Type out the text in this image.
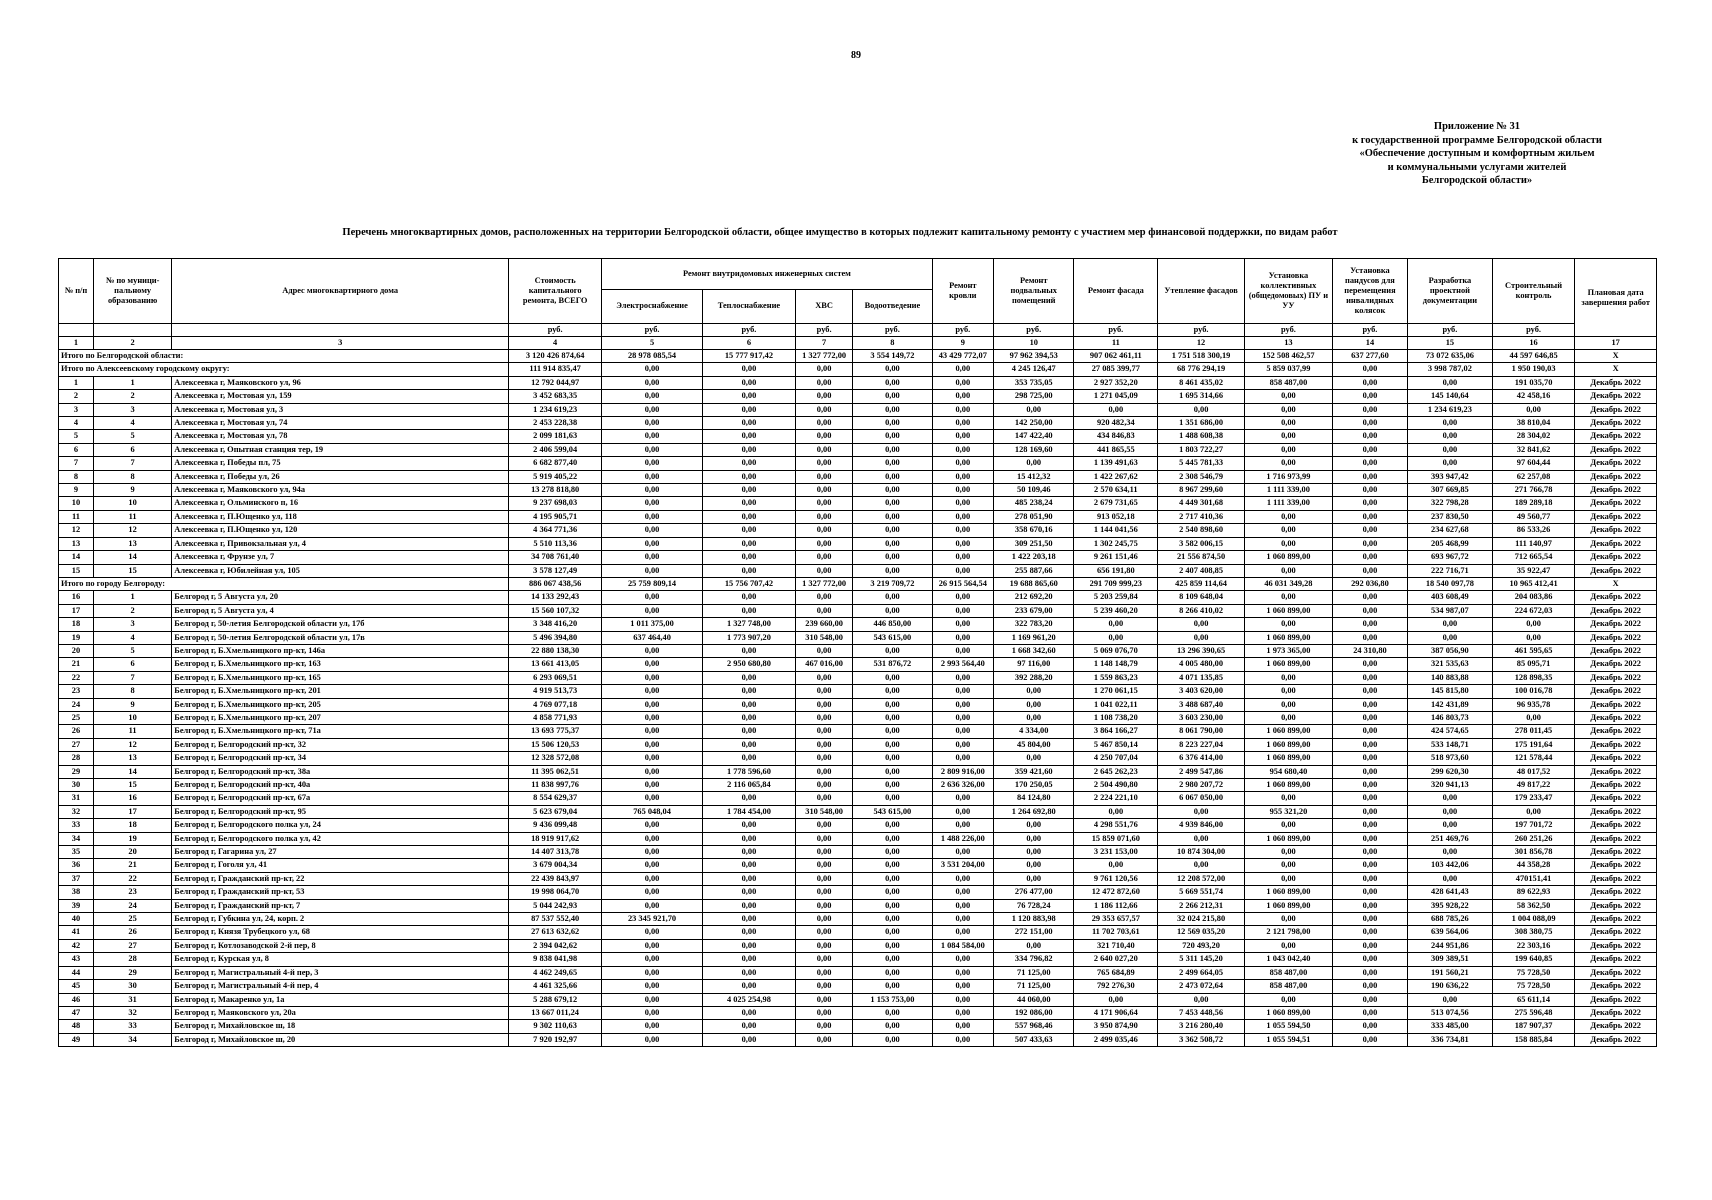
89
Приложение № 31
к государственной программе Белгородской области
«Обеспечение доступным и комфортным жильем
и коммунальными услугами жителей
Белгородской области»
Перечень многоквартирных домов, расположенных на территории Белгородской области, общее имущество в которых подлежит капитальному ремонту с участием мер финансовой поддержки, по видам работ
№ п/п	№ по муници-пальному образованию	Адрес многоквартирного дома	Стоимость капитального ремонта, ВСЕГО	Ремонт внутридомовых инженерных систем				Ремонт кровли	Ремонт подвальных помещений	Ремонт фасада	Утепление фасадов	Установка коллективных (общедомовых) ПУ и УУ	Установка пандусов для перемещения инвалидных колясок	Разработка проектной документации	Строительный контроль	Плановая дата завершения работ
				Электроснабжение	Теплоснабжение	ХВС	Водоотведение									
			руб.	руб.	руб.	руб.	руб.	руб.	руб.	руб.	руб.	руб.	руб.	руб.	руб.	
1	2	3	4	5	6	7	8	9	10	11	12	13	14	15	16	17
Итого по Белгородской области:			3 120 426 874,64	28 978 085,54	15 777 917,42	1 327 772,00	3 554 149,72	43 429 772,07	97 962 394,53	907 062 461,11	1 751 518 300,19	152 508 462,57	637 277,60	73 072 635,06	44 597 646,85	X
Итого по Алексеевскому городскому округу:			111 914 835,47	0,00	0,00	0,00	0,00	0,00	4 245 126,47	27 085 399,77	68 776 294,19	5 859 037,99	0,00	3 998 787,02	1 950 190,03	X
1	1	Алексеевка г, Маяковского ул, 96	12 792 044,97	0,00	0,00	0,00	0,00	0,00	353 735,05	2 927 352,20	8 461 435,02	858 487,00	0,00	0,00	191 035,70	Декабрь 2022
2	2	Алексеевка г, Мостовая ул, 159	3 452 683,35	0,00	0,00	0,00	0,00	0,00	298 725,00	1 271 045,09	1 695 314,66	0,00	0,00	145 140,64	42 458,16	Декабрь 2022
3	3	Алексеевка г, Мостовая ул, 3	1 234 619,23	0,00	0,00	0,00	0,00	0,00	0,00	0,00	0,00	0,00	0,00	1 234 619,23	0,00	Декабрь 2022
4	4	Алексеевка г, Мостовая ул, 74	2 453 228,38	0,00	0,00	0,00	0,00	0,00	142 250,00	920 482,34	1 351 686,00	0,00	0,00	0,00	38 810,04	Декабрь 2022
5	5	Алексеевка г, Мостовая ул, 78	2 099 181,63	0,00	0,00	0,00	0,00	0,00	147 422,40	434 846,83	1 488 608,38	0,00	0,00	0,00	28 304,02	Декабрь 2022
6	6	Алексеевка г, Опытная станция тер, 19	2 406 599,04	0,00	0,00	0,00	0,00	0,00	128 169,60	441 865,55	1 803 722,27	0,00	0,00	0,00	32 841,62	Декабрь 2022
7	7	Алексеевка г, Победы пл, 75	6 682 877,40	0,00	0,00	0,00	0,00	0,00	0,00	1 139 491,63	5 445 781,33	0,00	0,00	0,00	97 604,44	Декабрь 2022
8	8	Алексеевка г, Победы ул, 26	5 919 405,22	0,00	0,00	0,00	0,00	0,00	15 412,32	1 422 267,62	2 308 546,79	1 716 973,99	0,00	393 947,42	62 257,08	Декабрь 2022
9	9	Алексеевка г, Маяковского ул, 94а	13 278 818,80	0,00	0,00	0,00	0,00	0,00	50 109,46	2 570 634,11	8 967 299,60	1 111 339,00	0,00	307 669,85	271 766,78	Декабрь 2022
10	10	Алексеевка г, Ольминского п, 16	9 237 698,03	0,00	0,00	0,00	0,00	0,00	485 238,24	2 679 731,65	4 449 301,68	1 111 339,00	0,00	322 798,28	189 289,18	Декабрь 2022
11	11	Алексеевка г, П.Ющенко ул, 118	4 195 905,71	0,00	0,00	0,00	0,00	0,00	278 051,90	913 052,18	2 717 410,36	0,00	0,00	237 830,50	49 560,77	Декабрь 2022
12	12	Алексеевка г, П.Ющенко ул, 120	4 364 771,36	0,00	0,00	0,00	0,00	0,00	358 670,16	1 144 041,56	2 540 898,60	0,00	0,00	234 627,68	86 533,26	Декабрь 2022
13	13	Алексеевка г, Привокзальная ул, 4	5 510 113,36	0,00	0,00	0,00	0,00	0,00	309 251,50	1 302 245,75	3 582 006,15	0,00	0,00	205 468,99	111 140,97	Декабрь 2022
14	14	Алексеевка г, Фрунзе ул, 7	34 708 761,40	0,00	0,00	0,00	0,00	0,00	1 422 203,18	9 261 151,46	21 556 874,50	1 060 899,00	0,00	693 967,72	712 665,54	Декабрь 2022
15	15	Алексеевка г, Юбилейная ул, 105	3 578 127,49	0,00	0,00	0,00	0,00	0,00	255 887,66	656 191,80	2 407 408,85	0,00	0,00	222 716,71	35 922,47	Декабрь 2022
Итого по городу Белгороду:			886 067 438,56	25 759 809,14	15 756 707,42	1 327 772,00	3 219 709,72	26 915 564,54	19 688 865,60	291 709 999,23	425 859 114,64	46 031 349,28	292 036,80	18 540 097,78	10 965 412,41	X
16	1	Белгород г, 5 Августа ул, 20	14 133 292,43	0,00	0,00	0,00	0,00	0,00	212 692,20	5 203 259,84	8 109 648,04	0,00	0,00	403 608,49	204 083,86	Декабрь 2022
17	2	Белгород г, 5 Августа ул, 4	15 560 107,32	0,00	0,00	0,00	0,00	0,00	233 679,00	5 239 460,20	8 266 410,02	1 060 899,00	0,00	534 987,07	224 672,03	Декабрь 2022
18	3	Белгород г, 50-летия Белгородской области ул, 17б	3 348 416,20	1 011 375,00	1 327 748,00	239 660,00	446 850,00	0,00	322 783,20	0,00	0,00	0,00	0,00	0,00	0,00	Декабрь 2022
19	4	Белгород г, 50-летия Белгородской области ул, 17в	5 496 394,80	637 464,40	1 773 907,20	310 548,00	543 615,00	0,00	1 169 961,20	0,00	0,00	1 060 899,00	0,00	0,00	0,00	Декабрь 2022
20	5	Белгород г, Б.Хмельницкого пр-кт, 146а	22 880 138,30	0,00	0,00	0,00	0,00	0,00	1 668 342,60	5 069 076,70	13 296 390,65	1 973 365,00	24 310,80	387 056,90	461 595,65	Декабрь 2022
21	6	Белгород г, Б.Хмельницкого пр-кт, 163	13 661 413,05	0,00	2 950 680,80	467 016,00	531 876,72	2 993 564,40	97 116,00	1 148 148,79	4 005 480,00	1 060 899,00	0,00	321 535,63	85 095,71	Декабрь 2022
22	7	Белгород г, Б.Хмельницкого пр-кт, 165	6 293 069,51	0,00	0,00	0,00	0,00	0,00	392 288,20	1 559 863,23	4 071 135,85	0,00	0,00	140 883,88	128 898,35	Декабрь 2022
23	8	Белгород г, Б.Хмельницкого пр-кт, 201	4 919 513,73	0,00	0,00	0,00	0,00	0,00	0,00	1 270 061,15	3 403 620,00	0,00	0,00	145 815,80	100 016,78	Декабрь 2022
24	9	Белгород г, Б.Хмельницкого пр-кт, 205	4 769 077,18	0,00	0,00	0,00	0,00	0,00	0,00	1 041 022,11	3 488 687,40	0,00	0,00	142 431,89	96 935,78	Декабрь 2022
25	10	Белгород г, Б.Хмельницкого пр-кт, 207	4 858 771,93	0,00	0,00	0,00	0,00	0,00	0,00	1 108 738,20	3 603 230,00	0,00	0,00	146 803,73	0,00	Декабрь 2022
26	11	Белгород г, Б.Хмельницкого пр-кт, 71а	13 693 775,37	0,00	0,00	0,00	0,00	0,00	4 334,00	3 864 166,27	8 061 790,00	1 060 899,00	0,00	424 574,65	278 011,45	Декабрь 2022
27	12	Белгород г, Белгородский пр-кт, 32	15 506 120,53	0,00	0,00	0,00	0,00	0,00	45 804,00	5 467 850,14	8 223 227,04	1 060 899,00	0,00	533 148,71	175 191,64	Декабрь 2022
28	13	Белгород г, Белгородский пр-кт, 34	12 328 572,08	0,00	0,00	0,00	0,00	0,00	0,00	4 250 707,04	6 376 414,00	1 060 899,00	0,00	518 973,60	121 578,44	Декабрь 2022
29	14	Белгород г, Белгородский пр-кт, 38а	11 395 062,51	0,00	1 778 596,60	0,00	0,00	2 809 916,00	359 421,60	2 645 262,23	2 499 547,86	954 680,40	0,00	299 620,30	48 017,52	Декабрь 2022
30	15	Белгород г, Белгородский пр-кт, 40а	11 838 997,76	0,00	2 116 065,84	0,00	0,00	2 636 326,00	170 250,05	2 504 490,80	2 980 207,72	1 060 899,00	0,00	320 941,13	49 817,22	Декабрь 2022
31	16	Белгород г, Белгородский пр-кт, 67а	8 554 629,37	0,00	0,00	0,00	0,00	0,00	84 124,80	2 224 221,10	6 067 050,00	0,00	0,00	0,00	179 233,47	Декабрь 2022
32	17	Белгород г, Белгородский пр-кт, 95	5 623 679,04	765 048,04	1 784 454,00	310 548,00	543 615,00	0,00	1 264 692,80	0,00	0,00	955 321,20	0,00	0,00	0,00	Декабрь 2022
33	18	Белгород г, Белгородского полка ул, 24	9 436 099,48	0,00	0,00	0,00	0,00	0,00	0,00	4 298 551,76	4 939 846,00	0,00	0,00	0,00	197 701,72	Декабрь 2022
34	19	Белгород г, Белгородского полка ул, 42	18 919 917,62	0,00	0,00	0,00	0,00	1 488 226,00	0,00	15 859 071,60	0,00	1 060 899,00	0,00	251 469,76	260 251,26	Декабрь 2022
35	20	Белгород г, Гагарина ул, 27	14 407 313,78	0,00	0,00	0,00	0,00	0,00	0,00	3 231 153,00	10 874 304,00	0,00	0,00	0,00	301 856,78	Декабрь 2022
36	21	Белгород г, Гоголя ул, 41	3 679 004,34	0,00	0,00	0,00	0,00	3 531 204,00	0,00	0,00	0,00	0,00	0,00	103 442,06	44 358,28	Декабрь 2022
37	22	Белгород г, Гражданский пр-кт, 22	22 439 843,97	0,00	0,00	0,00	0,00	0,00	0,00	9 761 120,56	12 208 572,00	0,00	0,00	0,00	470151,41	Декабрь 2022
38	23	Белгород г, Гражданский пр-кт, 53	19 998 064,70	0,00	0,00	0,00	0,00	0,00	276 477,00	12 472 872,60	5 669 551,74	1 060 899,00	0,00	428 641,43	89 622,93	Декабрь 2022
39	24	Белгород г, Гражданский пр-кт, 7	5 044 242,93	0,00	0,00	0,00	0,00	0,00	76 728,24	1 186 112,66	2 266 212,31	1 060 899,00	0,00	395 928,22	58 362,50	Декабрь 2022
40	25	Белгород г, Губкина ул, 24, корп. 2	87 537 552,40	23 345 921,70	0,00	0,00	0,00	0,00	1 120 883,98	29 353 657,57	32 024 215,80	0,00	0,00	688 785,26	1 004 088,09	Декабрь 2022
41	26	Белгород г, Князя Трубецкого ул, 68	27 613 632,62	0,00	0,00	0,00	0,00	0,00	272 151,00	11 702 703,61	12 569 035,20	2 121 798,00	0,00	639 564,06	308 380,75	Декабрь 2022
42	27	Белгород г, Котлозаводской 2-й пер, 8	2 394 042,62	0,00	0,00	0,00	0,00	1 084 584,00	0,00	321 710,40	720 493,20	0,00	0,00	244 951,86	22 303,16	Декабрь 2022
43	28	Белгород г, Курская ул, 8	9 838 041,98	0,00	0,00	0,00	0,00	0,00	334 796,82	2 640 027,20	5 311 145,20	1 043 042,40	0,00	309 389,51	199 640,85	Декабрь 2022
44	29	Белгород г, Магистральный 4-й пер, 3	4 462 249,65	0,00	0,00	0,00	0,00	0,00	71 125,00	765 684,89	2 499 664,05	858 487,00	0,00	191 560,21	75 728,50	Декабрь 2022
45	30	Белгород г, Магистральный 4-й пер, 4	4 461 325,66	0,00	0,00	0,00	0,00	0,00	71 125,00	792 276,30	2 473 072,64	858 487,00	0,00	190 636,22	75 728,50	Декабрь 2022
46	31	Белгород г, Макаренко ул, 1а	5 288 679,12	0,00	4 025 254,98	0,00	1 153 753,00	0,00	44 060,00	0,00	0,00	0,00	0,00	0,00	65 611,14	Декабрь 2022
47	32	Белгород г, Маяковского ул, 20а	13 667 011,24	0,00	0,00	0,00	0,00	0,00	192 086,00	4 171 906,64	7 453 448,56	1 060 899,00	0,00	513 074,56	275 596,48	Декабрь 2022
48	33	Белгород г, Михайловское ш, 18	9 302 110,63	0,00	0,00	0,00	0,00	0,00	557 968,46	3 950 874,90	3 216 280,40	1 055 594,50	0,00	333 485,00	187 907,37	Декабрь 2022
49	34	Белгород г, Михайловское ш, 20	7 920 192,97	0,00	0,00	0,00	0,00	0,00	507 433,63	2 499 035,46	3 362 508,72	1 055 594,51	0,00	336 734,81	158 885,84	Декабрь 2022
